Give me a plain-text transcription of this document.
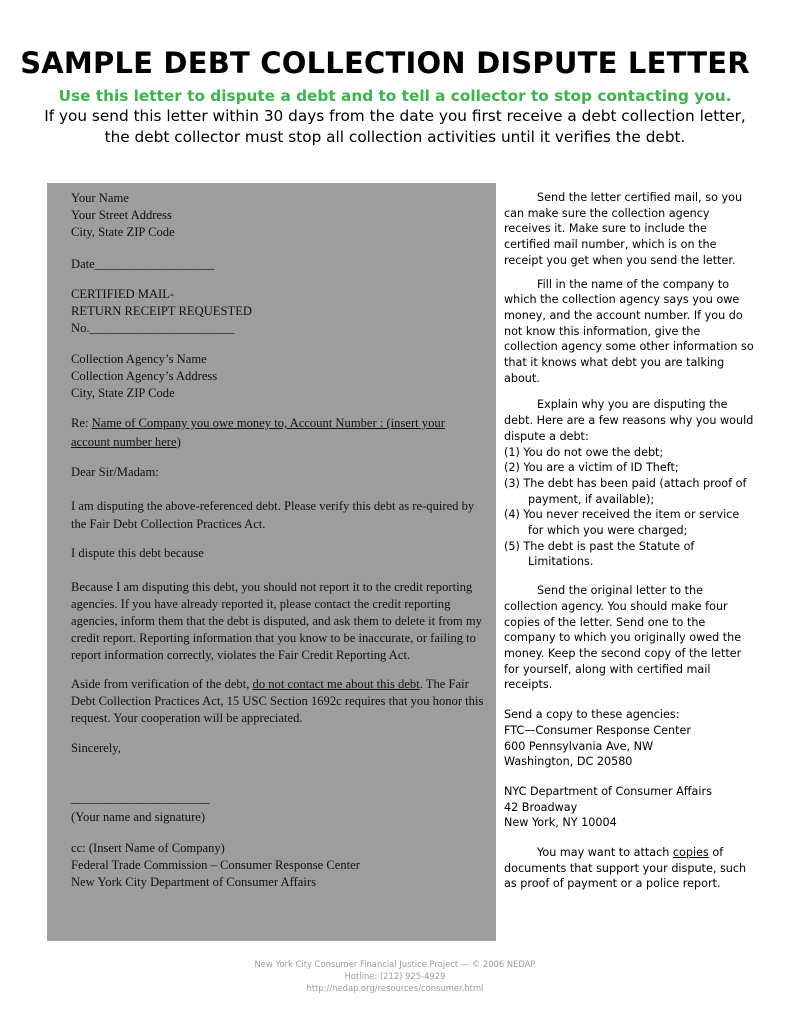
SAMPLE DEBT COLLECTION DISPUTE LETTER
Use this letter to dispute a debt and to tell a collector to stop contacting you.
If you send this letter within 30 days from the date you first receive a debt collection letter, the debt collector must stop all collection activities until it verifies the debt.

Your Name

Your Street Address

City, State ZIP Code

Date___________________

CERTIFIED MAIL-

RETURN RECEIPT REQUESTED

No._______________________

Collection Agency’s Name

Collection Agency’s Address

City, State ZIP Code

Re: Name of Company you owe money to, Account Number : (insert your account number here)

Dear Sir/Madam:

I am disputing the above-referenced debt. Please verify this debt as re-quired by the Fair Debt Collection Practices Act.

I dispute this debt because

Because I am disputing this debt, you should not report it to the credit reporting agencies. If you have already reported it, please contact the credit reporting agencies, inform them that the debt is disputed, and ask them to delete it from my credit report. Reporting information that you know to be inaccurate, or failing to report information correctly, violates the Fair Credit Reporting Act.

Aside from verification of the debt, do not contact me about this debt. The Fair Debt Collection Practices Act, 15 USC Section 1692c requires that you honor this request. Your cooperation will be appreciated.

Sincerely,

______________________

(Your name and signature)

cc: (Insert Name of Company)

Federal Trade Commission – Consumer Response Center

New York City Department of Consumer Affairs

Send the letter certified mail, so you can make sure the collection agency receives it. Make sure to include the certified mail number, which is on the receipt you get when you send the letter.

Fill in the name of the company to which the collection agency says you owe money, and the account number. If you do not know this information, give the collection agency some other information so that it knows what debt you are talking about.

Explain why you are disputing the debt. Here are a few reasons why you would dispute a debt:

(1) You do not owe the debt;
(2) You are a victim of ID Theft;
(3) The debt has been paid (attach proof of payment, if available);
(4) You never received the item or service for which you were charged;
(5) The debt is past the Statute of Limitations.

Send the original letter to the collection agency. You should make four copies of the letter. Send one to the company to which you originally owed the money. Keep the second copy of the letter for yourself, along with certified mail receipts.

Send a copy to these agencies:

FTC—Consumer Response Center

600 Pennsylvania Ave, NW

Washington, DC 20580

NYC Department of Consumer Affairs

42 Broadway

New York, NY 10004

You may want to attach copies of documents that support your dispute, such as proof of payment or a police report.

New York City Consumer Financial Justice Project — © 2006 NEDAP
Hotline: (212) 925-4929
http://nedap.org/resources/consumer.html
